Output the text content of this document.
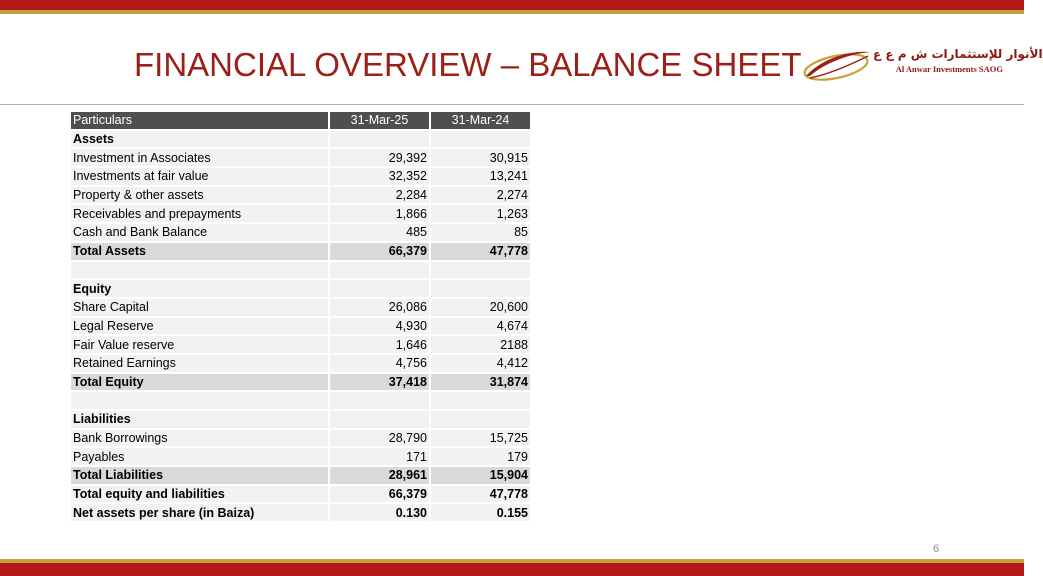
FINANCIAL OVERVIEW – BALANCE SHEET	الأنوار للإستثمارات ش م ع ع
Al Anwar Investments SAOG
Particulars	31-Mar-25	31-Mar-24
Assets		
Investment in Associates	29,392	30,915
Investments at fair value	32,352	13,241
Property & other assets	2,284	2,274
Receivables and prepayments	1,866	1,263
Cash and Bank Balance	485	85
Total Assets	66,379	47,778

Equity		
Share Capital	26,086	20,600
Legal Reserve	4,930	4,674
Fair Value reserve	1,646	2188
Retained Earnings	4,756	4,412
Total Equity	37,418	31,874

Liabilities		
Bank Borrowings	28,790	15,725
Payables	171	179
Total Liabilities	28,961	15,904
Total equity and liabilities	66,379	47,778
Net assets per share (in Baiza)	0.130	0.155
6
